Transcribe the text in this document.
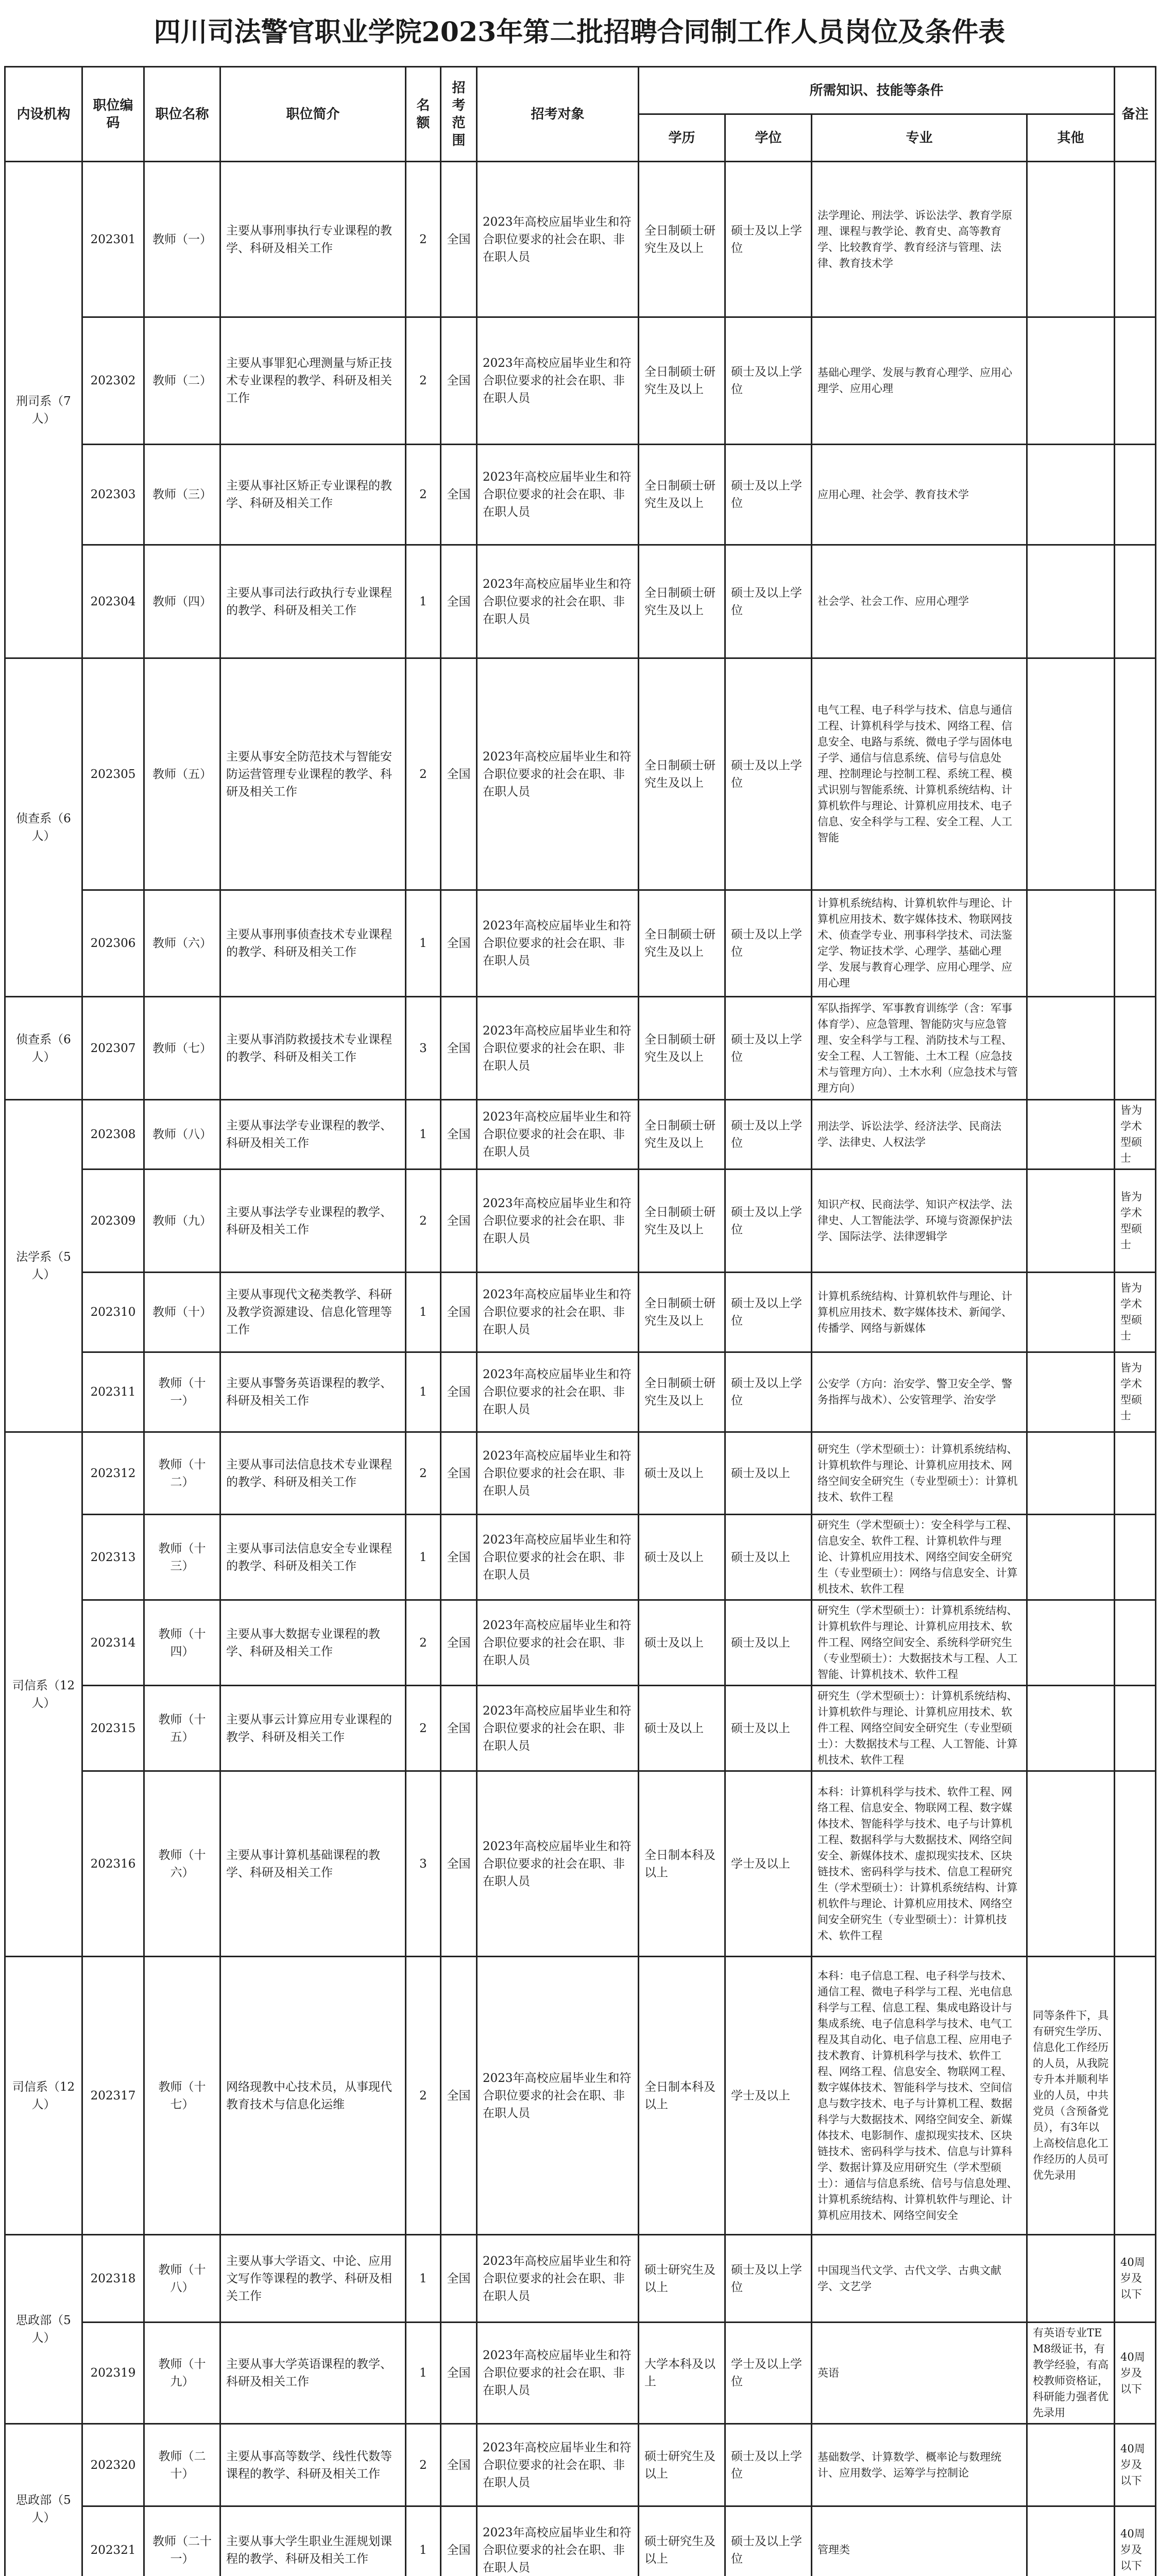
四川司法警官职业学院2023年第二批招聘合同制工作人员岗位及条件表
内设机构	职位编码	职位名称	职位简介	名额	招考范围	招考对象	所需知识、技能等条件				备注	
							学历	学位	专业	其他		
刑司系（7人）	202301	教师（一）	主要从事刑事执行专业课程的教学、科研及相关工作	2	全国	2023年高校应届毕业生和符合职位要求的社会在职、非在职人员	全日制硕士研究生及以上	硕士及以上学位	法学理论、刑法学、诉讼法学、教育学原理、课程与教学论、教育史、高等教育学、比较教育学、教育经济与管理、法律、教育技术学			
	202302	教师（二）	主要从事罪犯心理测量与矫正技术专业课程的教学、科研及相关工作	2	全国	2023年高校应届毕业生和符合职位要求的社会在职、非在职人员	全日制硕士研究生及以上	硕士及以上学位	基础心理学、发展与教育心理学、应用心理学、应用心理			
	202303	教师（三）	主要从事社区矫正专业课程的教学、科研及相关工作	2	全国	2023年高校应届毕业生和符合职位要求的社会在职、非在职人员	全日制硕士研究生及以上	硕士及以上学位	应用心理、社会学、教育技术学			
	202304	教师（四）	主要从事司法行政执行专业课程的教学、科研及相关工作	1	全国	2023年高校应届毕业生和符合职位要求的社会在职、非在职人员	全日制硕士研究生及以上	硕士及以上学位	社会学、社会工作、应用心理学			
侦查系（6人）	202305	教师（五）	主要从事安全防范技术与智能安防运营管理专业课程的教学、科研及相关工作	2	全国	2023年高校应届毕业生和符合职位要求的社会在职、非在职人员	全日制硕士研究生及以上	硕士及以上学位	电气工程、电子科学与技术、信息与通信工程、计算机科学与技术、网络工程、信息安全、电路与系统、微电子学与固体电子学、通信与信息系统、信号与信息处理、控制理论与控制工程、系统工程、模式识别与智能系统、计算机系统结构、计算机软件与理论、计算机应用技术、电子信息、安全科学与工程、安全工程、人工智能			
	202306	教师（六）	主要从事刑事侦查技术专业课程的教学、科研及相关工作	1	全国	2023年高校应届毕业生和符合职位要求的社会在职、非在职人员	全日制硕士研究生及以上	硕士及以上学位	计算机系统结构、计算机软件与理论、计算机应用技术、数字媒体技术、物联网技术、侦查学专业、刑事科学技术、司法鉴定学、物证技术学、心理学、基础心理学、发展与教育心理学、应用心理学、应用心理			
侦查系（6人）	202307	教师（七）	主要从事消防救援技术专业课程的教学、科研及相关工作	3	全国	2023年高校应届毕业生和符合职位要求的社会在职、非在职人员	全日制硕士研究生及以上	硕士及以上学位	军队指挥学、军事教育训练学（含：军事体育学）、应急管理、智能防灾与应急管理、安全科学与工程、消防技术与工程、安全工程、人工智能、土木工程（应急技术与管理方向）、土木水利（应急技术与管理方向）			
法学系（5人）	202308	教师（八）	主要从事法学专业课程的教学、科研及相关工作	1	全国	2023年高校应届毕业生和符合职位要求的社会在职、非在职人员	全日制硕士研究生及以上	硕士及以上学位	刑法学、诉讼法学、经济法学、民商法学、法律史、人权法学		皆为学术型硕士	
	202309	教师（九）	主要从事法学专业课程的教学、科研及相关工作	2	全国	2023年高校应届毕业生和符合职位要求的社会在职、非在职人员	全日制硕士研究生及以上	硕士及以上学位	知识产权、民商法学、知识产权法学、法律史、人工智能法学、环境与资源保护法学、国际法学、法律逻辑学		皆为学术型硕士	
	202310	教师（十）	主要从事现代文秘类教学、科研及教学资源建设、信息化管理等工作	1	全国	2023年高校应届毕业生和符合职位要求的社会在职、非在职人员	全日制硕士研究生及以上	硕士及以上学位	计算机系统结构、计算机软件与理论、计算机应用技术、数字媒体技术、新闻学、传播学、网络与新媒体		皆为学术型硕士	
	202311	教师（十一）	主要从事警务英语课程的教学、科研及相关工作	1	全国	2023年高校应届毕业生和符合职位要求的社会在职、非在职人员	全日制硕士研究生及以上	硕士及以上学位	公安学（方向：治安学、警卫安全学、警务指挥与战术）、公安管理学、治安学		皆为学术型硕士	
司信系（12人）	202312	教师（十二）	主要从事司法信息技术专业课程的教学、科研及相关工作	2	全国	2023年高校应届毕业生和符合职位要求的社会在职、非在职人员	硕士及以上	硕士及以上	研究生（学术型硕士）：计算机系统结构、计算机软件与理论、计算机应用技术、网络空间安全研究生（专业型硕士）：计算机技术、软件工程			
	202313	教师（十三）	主要从事司法信息安全专业课程的教学、科研及相关工作	1	全国	2023年高校应届毕业生和符合职位要求的社会在职、非在职人员	硕士及以上	硕士及以上	研究生（学术型硕士）：安全科学与工程、信息安全、软件工程、计算机软件与理论、计算机应用技术、网络空间安全研究生（专业型硕士）：网络与信息安全、计算机技术、软件工程			
	202314	教师（十四）	主要从事大数据专业课程的教学、科研及相关工作	2	全国	2023年高校应届毕业生和符合职位要求的社会在职、非在职人员	硕士及以上	硕士及以上	研究生（学术型硕士）：计算机系统结构、计算机软件与理论、计算机应用技术、软件工程、网络空间安全、系统科学研究生（专业型硕士）：大数据技术与工程、人工智能、计算机技术、软件工程			
	202315	教师（十五）	主要从事云计算应用专业课程的教学、科研及相关工作	2	全国	2023年高校应届毕业生和符合职位要求的社会在职、非在职人员	硕士及以上	硕士及以上	研究生（学术型硕士）：计算机系统结构、计算机软件与理论、计算机应用技术、软件工程、网络空间安全研究生（专业型硕士）：大数据技术与工程、人工智能、计算机技术、软件工程			
	202316	教师（十六）	主要从事计算机基础课程的教学、科研及相关工作	3	全国	2023年高校应届毕业生和符合职位要求的社会在职、非在职人员	全日制本科及以上	学士及以上	本科：计算机科学与技术、软件工程、网络工程、信息安全、物联网工程、数字媒体技术、智能科学与技术、电子与计算机工程、数据科学与大数据技术、网络空间安全、新媒体技术、虚拟现实技术、区块链技术、密码科学与技术、信息工程研究生（学术型硕士）：计算机系统结构、计算机软件与理论、计算机应用技术、网络空间安全研究生（专业型硕士）：计算机技术、软件工程			
司信系（12人）	202317	教师（十七）	网络现教中心技术员，从事现代教育技术与信息化运维	2	全国	2023年高校应届毕业生和符合职位要求的社会在职、非在职人员	全日制本科及以上	学士及以上	本科：电子信息工程、电子科学与技术、通信工程、微电子科学与工程、光电信息科学与工程、信息工程、集成电路设计与集成系统、电子信息科学与技术、电气工程及其自动化、电子信息工程、应用电子技术教育、计算机科学与技术、软件工程、网络工程、信息安全、物联网工程、数字媒体技术、智能科学与技术、空间信息与数字技术、电子与计算机工程、数据科学与大数据技术、网络空间安全、新媒体技术、电影制作、虚拟现实技术、区块链技术、密码科学与技术、信息与计算科学、数据计算及应用研究生（学术型硕士）：通信与信息系统、信号与信息处理、计算机系统结构、计算机软件与理论、计算机应用技术、网络空间安全	同等条件下，具有研究生学历、信息化工作经历的人员，从我院专升本并顺利毕业的人员，中共党员（含预备党员），有3年以上高校信息化工作经历的人员可优先录用		
思政部（5人）	202318	教师（十八）	主要从事大学语文、中论、应用文写作等课程的教学、科研及相关工作	1	全国	2023年高校应届毕业生和符合职位要求的社会在职、非在职人员	硕士研究生及以上	硕士及以上学位	中国现当代文学、古代文学、古典文献学、文艺学		40周岁及以下	
	202319	教师（十九）	主要从事大学英语课程的教学、科研及相关工作	1	全国	2023年高校应届毕业生和符合职位要求的社会在职、非在职人员	大学本科及以上	学士及以上学位	英语	有英语专业TEM8级证书，有教学经验，有高校教师资格证，科研能力强者优先录用	40周岁及以下	
思政部（5人）	202320	教师（二十）	主要从事高等数学、线性代数等课程的教学、科研及相关工作	2	全国	2023年高校应届毕业生和符合职位要求的社会在职、非在职人员	硕士研究生及以上	硕士及以上学位	基础数学、计算数学、概率论与数理统计、应用数学、运筹学与控制论		40周岁及以下	
	202321	教师（二十一）	主要从事大学生职业生涯规划课程的教学、科研及相关工作	1	全国	2023年高校应届毕业生和符合职位要求的社会在职、非在职人员	硕士研究生及以上	硕士及以上学位	管理类		40周岁及以下	
